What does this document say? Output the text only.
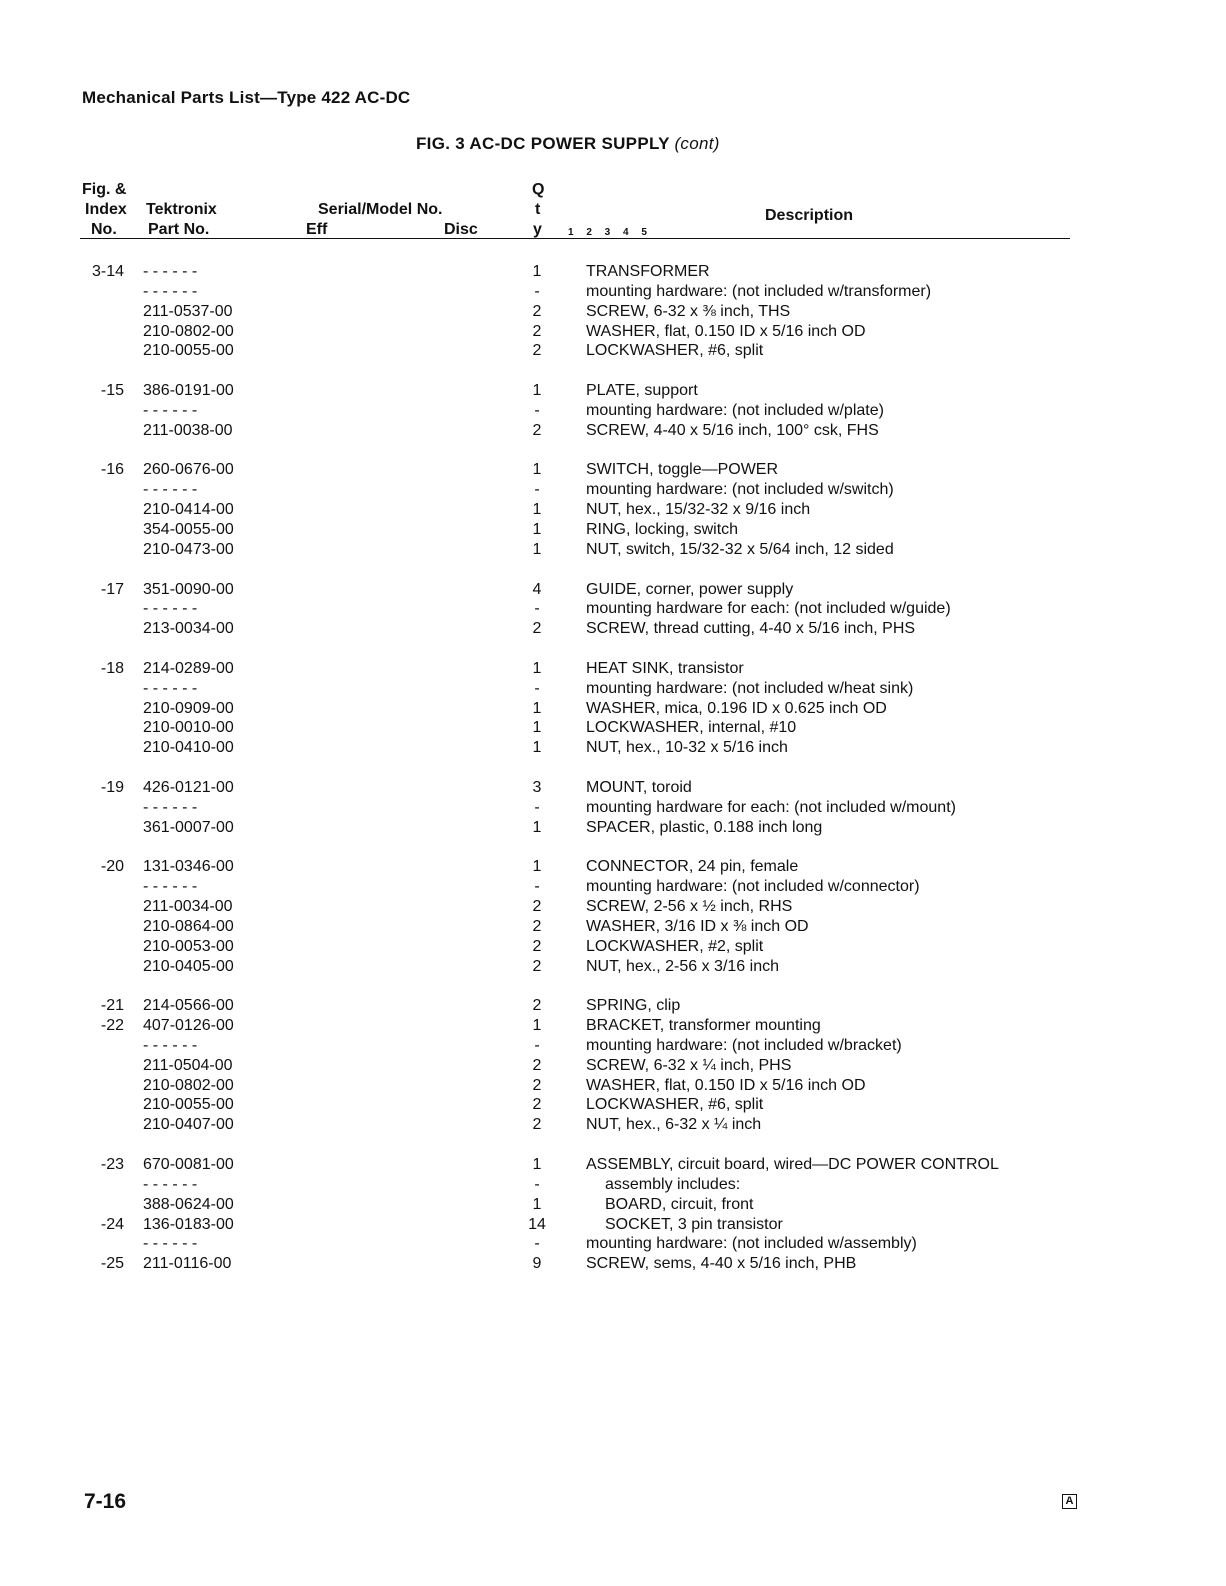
Mechanical Parts List—Type 422 AC-DC
FIG. 3 AC-DC POWER SUPPLY (cont)
Fig. &
Index
No.
Tektronix
Part No.
Serial/Model No.
Eff	Disc
Q
t
y	1 2 3 4 5
Description
3-14 - - - - - -	1	TRANSFORMER
- - - - - -	-	mounting hardware: (not included w/transformer)
211-0537-00	2	SCREW, 6-32 x ⅜ inch, THS
210-0802-00	2	WASHER, flat, 0.150 ID x 5/16 inch OD
210-0055-00	2	LOCKWASHER, #6, split
-15 386-0191-00	1	PLATE, support
- - - - - -	-	mounting hardware: (not included w/plate)
211-0038-00	2	SCREW, 4-40 x 5/16 inch, 100° csk, FHS
-16 260-0676-00	1	SWITCH, toggle—POWER
- - - - - -	-	mounting hardware: (not included w/switch)
210-0414-00	1	NUT, hex., 15/32-32 x 9/16 inch
354-0055-00	1	RING, locking, switch
210-0473-00	1	NUT, switch, 15/32-32 x 5/64 inch, 12 sided
-17 351-0090-00	4	GUIDE, corner, power supply
- - - - - -	-	mounting hardware for each: (not included w/guide)
213-0034-00	2	SCREW, thread cutting, 4-40 x 5/16 inch, PHS
-18 214-0289-00	1	HEAT SINK, transistor
- - - - - -	-	mounting hardware: (not included w/heat sink)
210-0909-00	1	WASHER, mica, 0.196 ID x 0.625 inch OD
210-0010-00	1	LOCKWASHER, internal, #10
210-0410-00	1	NUT, hex., 10-32 x 5/16 inch
-19 426-0121-00	3	MOUNT, toroid
- - - - - -	-	mounting hardware for each: (not included w/mount)
361-0007-00	1	SPACER, plastic, 0.188 inch long
-20 131-0346-00	1	CONNECTOR, 24 pin, female
- - - - - -	-	mounting hardware: (not included w/connector)
211-0034-00	2	SCREW, 2-56 x ½ inch, RHS
210-0864-00	2	WASHER, 3/16 ID x ⅜ inch OD
210-0053-00	2	LOCKWASHER, #2, split
210-0405-00	2	NUT, hex., 2-56 x 3/16 inch
-21 214-0566-00	2	SPRING, clip
-22 407-0126-00	1	BRACKET, transformer mounting
- - - - - -	-	mounting hardware: (not included w/bracket)
211-0504-00	2	SCREW, 6-32 x ¼ inch, PHS
210-0802-00	2	WASHER, flat, 0.150 ID x 5/16 inch OD
210-0055-00	2	LOCKWASHER, #6, split
210-0407-00	2	NUT, hex., 6-32 x ¼ inch
-23 670-0081-00	1	ASSEMBLY, circuit board, wired—DC POWER CONTROL
- - - - - -	-	assembly includes:
388-0624-00	1	BOARD, circuit, front
-24 136-0183-00	14	SOCKET, 3 pin transistor
- - - - - -	-	mounting hardware: (not included w/assembly)
-25 211-0116-00	9	SCREW, sems, 4-40 x 5/16 inch, PHB
7-16	A
